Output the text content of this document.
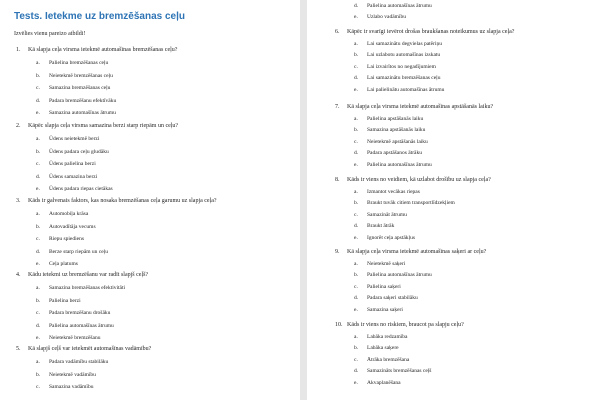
Tests. Ietekme uz bremzēšanas ceļu
Izvēlies vienu pareizo atbildi!
1. Kā slapja ceļa virsma ietekmē automašīnas bremzēšanas ceļu?
a. Palielina bremzēšanas ceļu
b. Neietekmē bremzēšanas ceļu
c. Samazina bremzēšanas ceļu
d. Padara bremzēšanu efektīvāku
e. Samazina automašīnas ātrumu
2. Kāpēc slapja ceļa virsma samazina berzi starp riepām un ceļu?
a. Ūdens neietekmē berzi
b. Ūdens padara ceļu gludāku
c. Ūdens palielina berzi
d. Ūdens samazina berzi
e. Ūdens padara riepas cietākas
3. Kāds ir galvenais faktors, kas nosaka bremzēšanas ceļa garumu uz slapja ceļa?
a. Automobiļa krāsa
b. Autovadītāja vecums
c. Riepu spiediens
d. Berze starp riepām un ceļu
e. Ceļa platums
4. Kādu ietekmi uz bremzēšanu var radīt slapjš ceļš?
a. Samazina bremzēšanas efektivitāti
b. Palielina berzi
c. Padara bremzēšanu drošāku
d. Palielina automašīnas ātrumu
e. Neietekmē bremzēšanu
5. Kā slapjš ceļš var ietekmēt automašīnas vadāmību?
a. Padara vadāmību stabilāku
b. Neietekmē vadāmību
c. Samazina vadāmību
d. Palielina automašīnas ātrumu
e. Uzlabo vadāmību
6. Kāpēc ir svarīgi ievērot drošas braukšanas noteikumus uz slapja ceļa?
a. Lai samazinātu degvielas patēriņu
b. Lai uzlabotu automašīnas izskatu
c. Lai izvairītos no negadījumiem
d. Lai samazinātu bremzēšanas ceļu
e. Lai palielinātu automašīnas ātrumu
7. Kā slapja ceļa virsma ietekmē automašīnas apstāšanās laiku?
a. Palielina apstāšanās laiku
b. Samazina apstāšanās laiku
c. Neietekmē apstāšanās laiku
d. Padara apstāšanos ātrāku
e. Palielina automašīnas ātrumu
8. Kāds ir viens no veidiem, kā uzlabot drošību uz slapja ceļa?
a. Izmantot vecākas riepas
b. Braukt tuvāk citiem transportlīdzekļiem
c. Samazināt ātrumu
d. Braukt ātrāk
e. Ignorēt ceļa apstākļus
9. Kā slapja ceļa virsma ietekmē automašīnas saķeri ar ceļu?
a. Neietekmē saķeri
b. Palielina automašīnas ātrumu
c. Palielina saķeri
d. Padara saķeri stabilāku
e. Samazina saķeri
10. Kāds ir viens no riskiem, braucot pa slapju ceļu?
a. Labāka redzamība
b. Labāka saķere
c. Ātrāka bremzēšana
d. Samazināts bremzēšanas ceļš
e. Akvaplanēšana
